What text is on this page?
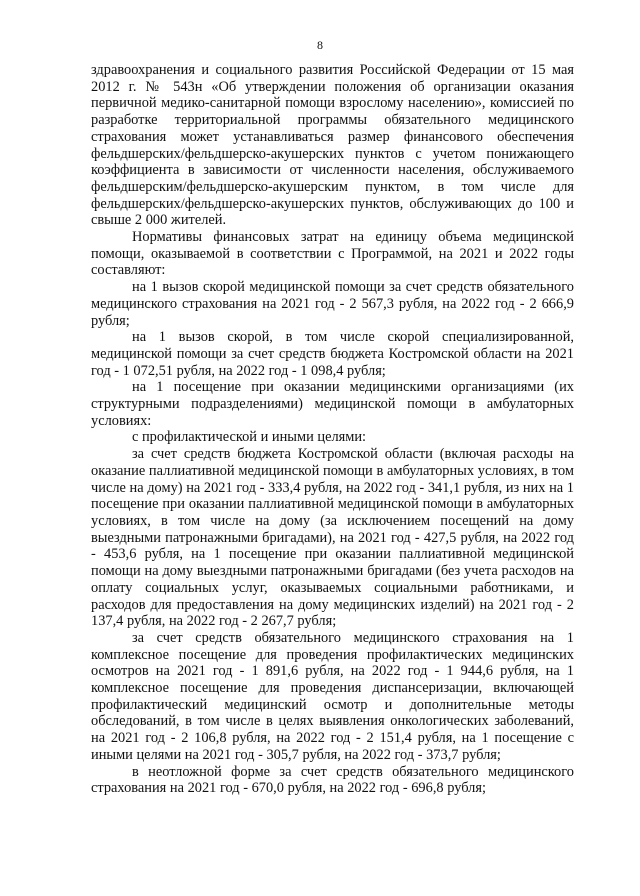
8

здравоохранения и социального развития Российской Федерации от 15 мая 2012 г. № 543н «Об утверждении положения об организации оказания первичной медико-санитарной помощи взрослому населению», комиссией по разработке территориальной программы обязательного медицинского страхования может устанавливаться размер финансового обеспечения фельдшерских/фельдшерско-акушерских пунктов с учетом понижающего коэффициента в зависимости от численности населения, обслуживаемого фельдшерским/фельдшерско-акушерским пунктом, в том числе для фельдшерских/фельдшерско-акушерских пунктов, обслуживающих до 100 и свыше 2 000 жителей.

Нормативы финансовых затрат на единицу объема медицинской помощи, оказываемой в соответствии с Программой, на 2021 и 2022 годы составляют:

на 1 вызов скорой медицинской помощи за счет средств обязательного медицинского страхования на 2021 год - 2 567,3 рубля, на 2022 год - 2 666,9 рубля;

на 1 вызов скорой, в том числе скорой специализированной, медицинской помощи за счет средств бюджета Костромской области на 2021 год - 1 072,51 рубля, на 2022 год - 1 098,4 рубля;

на 1 посещение при оказании медицинскими организациями (их структурными подразделениями) медицинской помощи в амбулаторных условиях:

с профилактической и иными целями:

за счет средств бюджета Костромской области (включая расходы на оказание паллиативной медицинской помощи в амбулаторных условиях, в том числе на дому) на 2021 год - 333,4 рубля, на 2022 год - 341,1 рубля, из них на 1 посещение при оказании паллиативной медицинской помощи в амбулаторных условиях, в том числе на дому (за исключением посещений на дому выездными патронажными бригадами), на 2021 год - 427,5 рубля, на 2022 год - 453,6 рубля, на 1 посещение при оказании паллиативной медицинской помощи на дому выездными патронажными бригадами (без учета расходов на оплату социальных услуг, оказываемых социальными работниками, и расходов для предоставления на дому медицинских изделий) на 2021 год - 2 137,4 рубля, на 2022 год - 2 267,7 рубля;

за счет средств обязательного медицинского страхования на 1 комплексное посещение для проведения профилактических медицинских осмотров на 2021 год - 1 891,6 рубля, на 2022 год - 1 944,6 рубля, на 1 комплексное посещение для проведения диспансеризации, включающей профилактический медицинский осмотр и дополнительные методы обследований, в том числе в целях выявления онкологических заболеваний, на 2021 год - 2 106,8 рубля, на 2022 год - 2 151,4 рубля, на 1 посещение с иными целями на 2021 год - 305,7 рубля, на 2022 год - 373,7 рубля;

в неотложной форме за счет средств обязательного медицинского страхования на 2021 год - 670,0 рубля, на 2022 год - 696,8 рубля;
